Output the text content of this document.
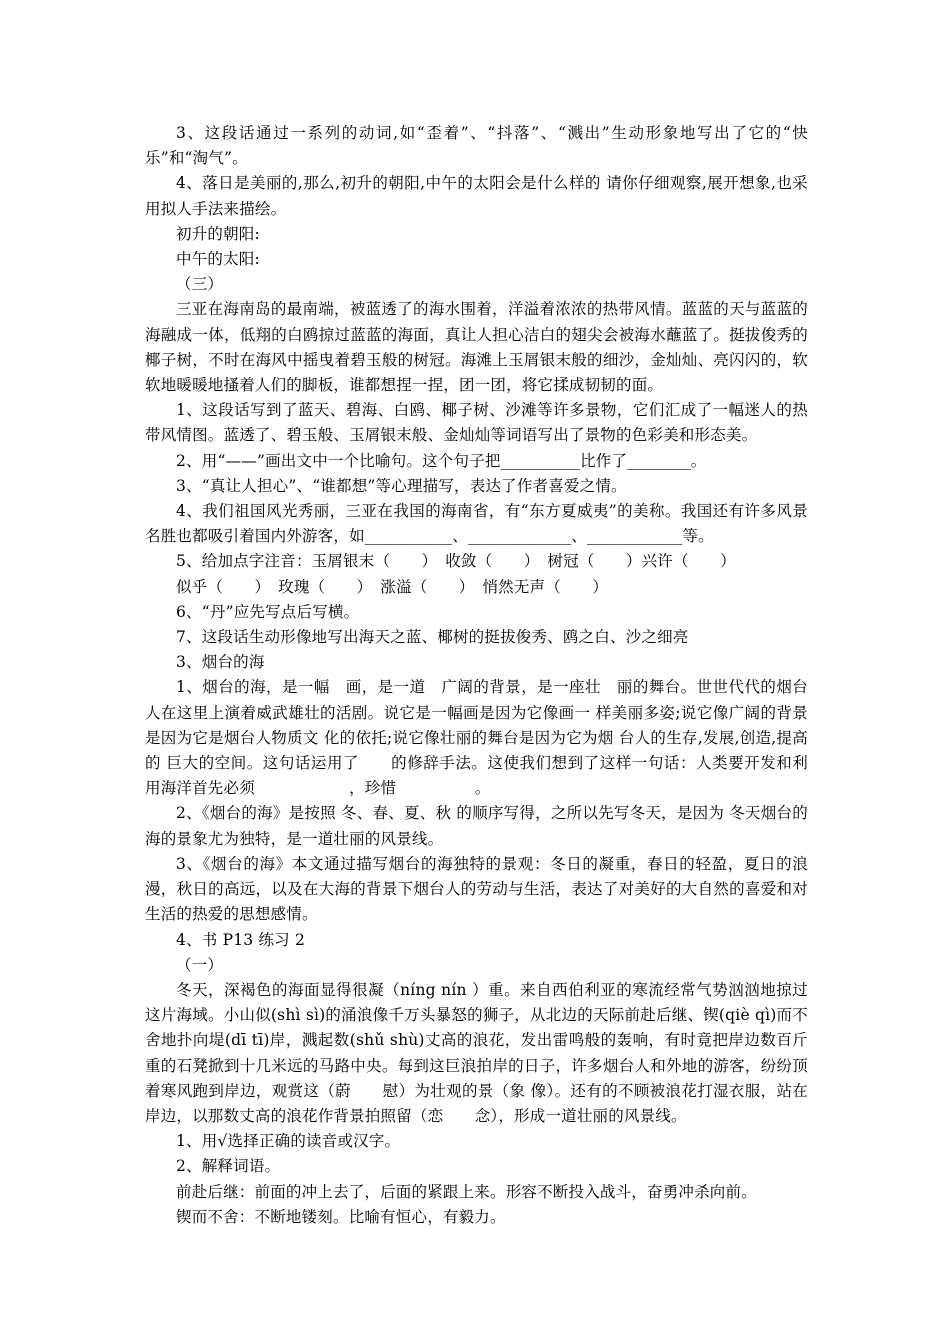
3、这段话通过一系列的动词,如“歪着”、“抖落”、“溅出”生动形象地写出了它的“快乐”和“淘气”。

4、落日是美丽的,那么,初升的朝阳,中午的太阳会是什么样的 请你仔细观察,展开想象,也采用拟人手法来描绘。

初升的朝阳:

中午的太阳:

（三）

三亚在海南岛的最南端，被蓝透了的海水围着，洋溢着浓浓的热带风情。蓝蓝的天与蓝蓝的海融成一体，低翔的白鸥掠过蓝蓝的海面，真让人担心洁白的翅尖会被海水蘸蓝了。挺拔俊秀的椰子树，不时在海风中摇曳着碧玉般的树冠。海滩上玉屑银末般的细沙，金灿灿、亮闪闪的，软软地暖暖地搔着人们的脚板，谁都想捏一捏，团一团，将它揉成韧韧的面。

1、这段话写到了蓝天、碧海、白鸥、椰子树、沙滩等许多景物，它们汇成了一幅迷人的热带风情图。蓝透了、碧玉般、玉屑银末般、金灿灿等词语写出了景物的色彩美和形态美。

2、用“——”画出文中一个比喻句。这个句子把__________比作了________。

3、“真让人担心”、“谁都想”等心理描写，表达了作者喜爱之情。

4、我们祖国风光秀丽，三亚在我国的海南省，有“东方夏威夷”的美称。我国还有许多风景名胜也都吸引着国内外游客，如___________、_____________、____________等。

5、给加点字注音：玉屑银末（　　）　收敛（　　）　树冠（　　）兴许（　　）

似乎（　　）　玫瑰（　　）　涨溢（　　）　悄然无声（　　）

6、“丹”应先写点后写横。

7、这段话生动形像地写出海天之蓝、椰树的挺拔俊秀、鸥之白、沙之细亮

3、烟台的海

1、烟台的海，是一幅　画，是一道　广阔的背景，是一座壮　丽的舞台。世世代代的烟台人在这里上演着威武雄壮的活剧。说它是一幅画是因为它像画一 样美丽多姿;说它像广阔的背景是因为它是烟台人物质文 化的依托;说它像壮丽的舞台是因为它为烟 台人的生存,发展,创造,提高的 巨大的空间。这句话运用了　　的修辞手法。这使我们想到了这样一句话：人类要开发和利用海洋首先必须　　　　　　，珍惜　　　　　。

2、《烟台的海》是按照 冬、春、夏、秋 的顺序写得，之所以先写冬天，是因为 冬天烟台的海的景象尤为独特，是一道壮丽的风景线。

3、《烟台的海》本文通过描写烟台的海独特的景观：冬日的凝重，春日的轻盈，夏日的浪漫，秋日的高远，以及在大海的背景下烟台人的劳动与生活，表达了对美好的大自然的喜爱和对生活的热爱的思想感情。

4、书 P13 练习 2

（一）

冬天，深褐色的海面显得很凝（níng nín ）重。来自西伯利亚的寒流经常气势汹汹地掠过这片海域。小山似(shì sì)的涌浪像千万头暴怒的狮子，从北边的天际前赴后继、锲(qiè qì)而不舍地扑向堤(dī tī)岸，溅起数(shǔ shù)丈高的浪花，发出雷鸣般的轰响，有时竟把岸边数百斤重的石凳掀到十几米远的马路中央。每到这巨浪拍岸的日子，许多烟台人和外地的游客，纷纷顶着寒风跑到岸边，观赏这（蔚　　慰）为壮观的景（象 像）。还有的不顾被浪花打湿衣服，站在岸边，以那数丈高的浪花作背景拍照留（恋　　念），形成一道壮丽的风景线。

1、用√选择正确的读音或汉字。

2、解释词语。

前赴后继：前面的冲上去了，后面的紧跟上来。形容不断投入战斗，奋勇冲杀向前。

锲而不舍：不断地镂刻。比喻有恒心，有毅力。
